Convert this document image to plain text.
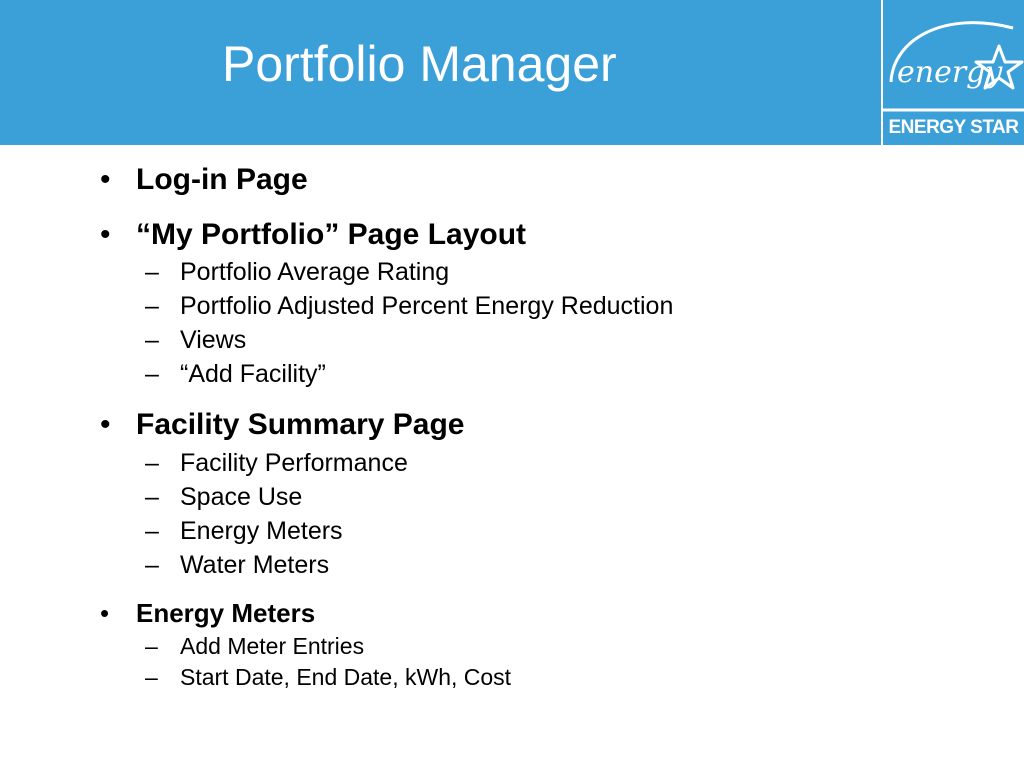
Portfolio Manager	energy
ENERGY STAR
• Log-in Page
• “My Portfolio” Page Layout
– Portfolio Average Rating
– Portfolio Adjusted Percent Energy Reduction
– Views
– “Add Facility”
• Facility Summary Page
– Facility Performance
– Space Use
– Energy Meters
– Water Meters
• Energy Meters
– Add Meter Entries
– Start Date, End Date, kWh, Cost
